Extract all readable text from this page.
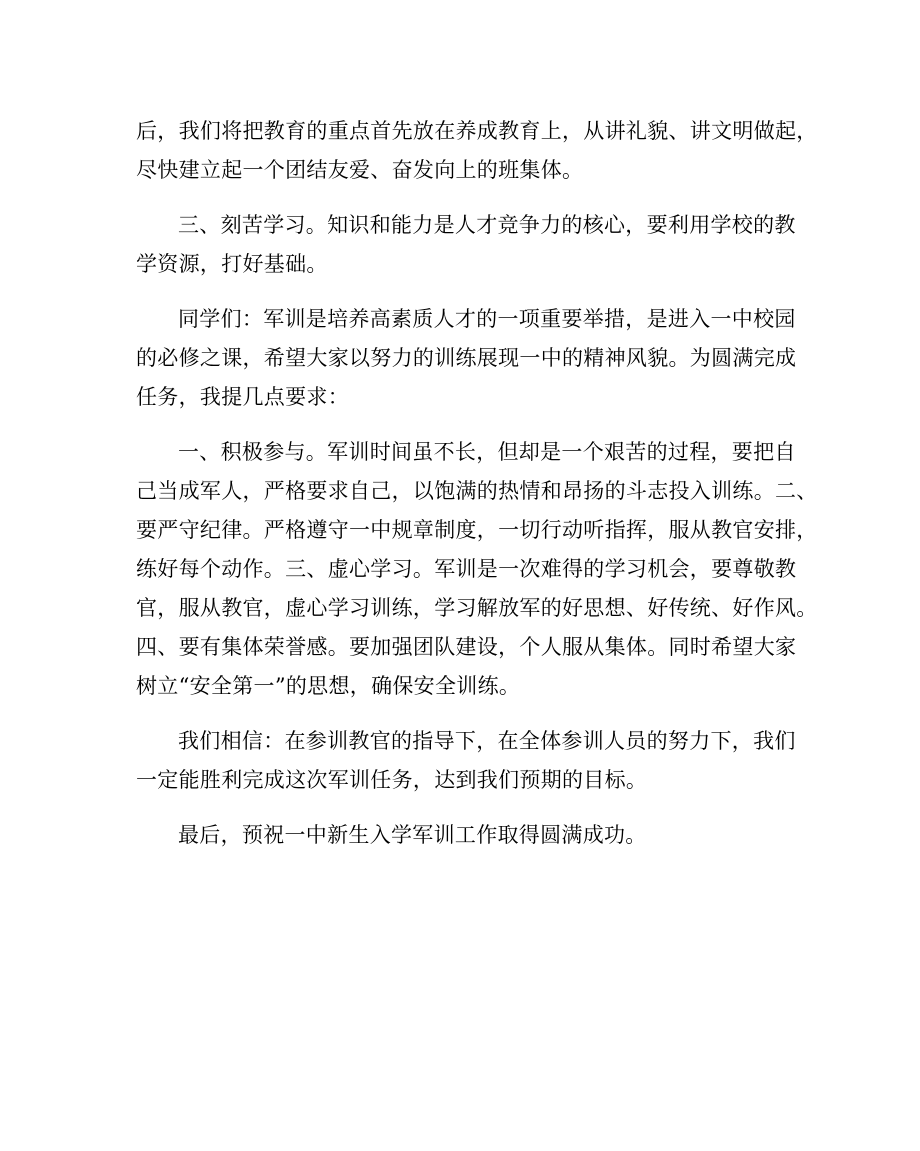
后，我们将把教育的重点首先放在养成教育上，从讲礼貌、讲文明做起，
尽快建立起一个团结友爱、奋发向上的班集体。

三、刻苦学习。知识和能力是人才竞争力的核心，要利用学校的教
学资源，打好基础。

同学们：军训是培养高素质人才的一项重要举措，是进入一中校园
的必修之课，希望大家以努力的训练展现一中的精神风貌。为圆满完成
任务，我提几点要求：

一、积极参与。军训时间虽不长，但却是一个艰苦的过程，要把自
己当成军人，严格要求自己，以饱满的热情和昂扬的斗志投入训练。二、
要严守纪律。严格遵守一中规章制度，一切行动听指挥，服从教官安排，
练好每个动作。三、虚心学习。军训是一次难得的学习机会，要尊敬教
官，服从教官，虚心学习训练，学习解放军的好思想、好传统、好作风。
四、要有集体荣誉感。要加强团队建设，个人服从集体。同时希望大家
树立“安全第一”的思想，确保安全训练。

我们相信：在参训教官的指导下，在全体参训人员的努力下，我们
一定能胜利完成这次军训任务，达到我们预期的目标。

最后，预祝一中新生入学军训工作取得圆满成功。
